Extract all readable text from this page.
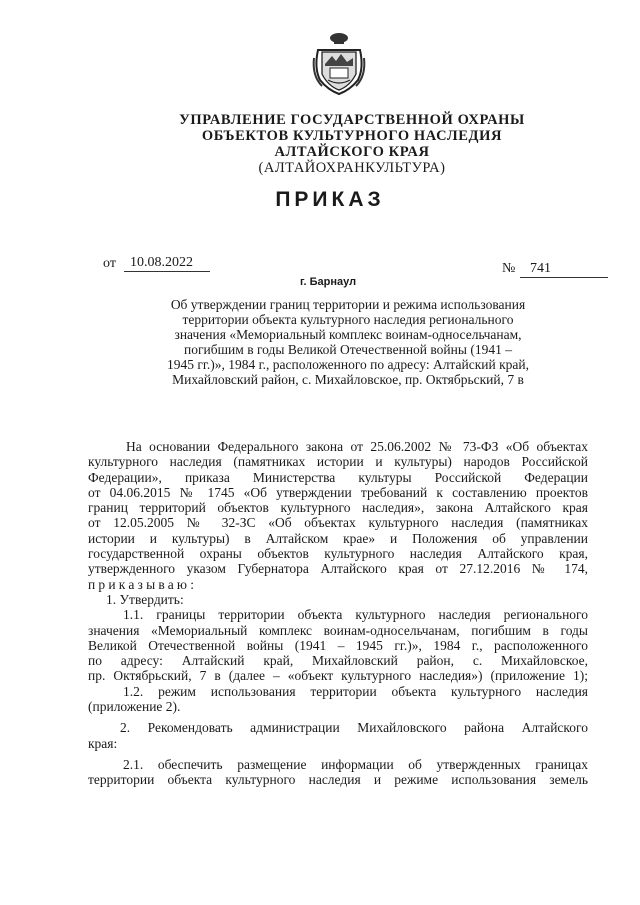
УПРАВЛЕНИЕ ГОСУДАРСТВЕННОЙ ОХРАНЫ
ОБЪЕКТОВ КУЛЬТУРНОГО НАСЛЕДИЯ
АЛТАЙСКОГО КРАЯ
(АЛТАЙОХРАНКУЛЬТУРА)
ПРИКАЗ
от	10.08.2022	№	741
г. Барнаул
Об утверждении границ территории и режима использования
территории объекта культурного наследия регионального
значения «Мемориальный комплекс воинам-односельчанам,
погибшим в годы Великой Отечественной войны (1941 –
1945 гг.)», 1984 г., расположенного по адресу: Алтайский край,
Михайловский район, с. Михайловское, пр. Октябрьский, 7 в
На основании Федерального закона от 25.06.2002 № 73-ФЗ «Об объектах
культурного наследия (памятниках истории и культуры) народов Российской
Федерации», приказа Министерства культуры Российской Федерации
от 04.06.2015 № 1745 «Об утверждении требований к составлению проектов
границ территорий объектов культурного наследия», закона Алтайского края
от 12.05.2005 № 32-ЗС «Об объектах культурного наследия (памятниках
истории и культуры) в Алтайском крае» и Положения об управлении
государственной охраны объектов культурного наследия Алтайского края,
утвержденного указом Губернатора Алтайского края от 27.12.2016 № 174,
приказываю:
1. Утвердить:
1.1. границы территории объекта культурного наследия регионального
значения «Мемориальный комплекс воинам-односельчанам, погибшим в годы
Великой Отечественной войны (1941 – 1945 гг.)», 1984 г., расположенного
по адресу: Алтайский край, Михайловский район, с. Михайловское,
пр. Октябрьский, 7 в (далее – «объект культурного наследия») (приложение 1);
1.2. режим использования территории объекта культурного наследия
(приложение 2).
2. Рекомендовать администрации Михайловского района Алтайского
края:
2.1. обеспечить размещение информации об утвержденных границах
территории объекта культурного наследия и режиме использования земель
